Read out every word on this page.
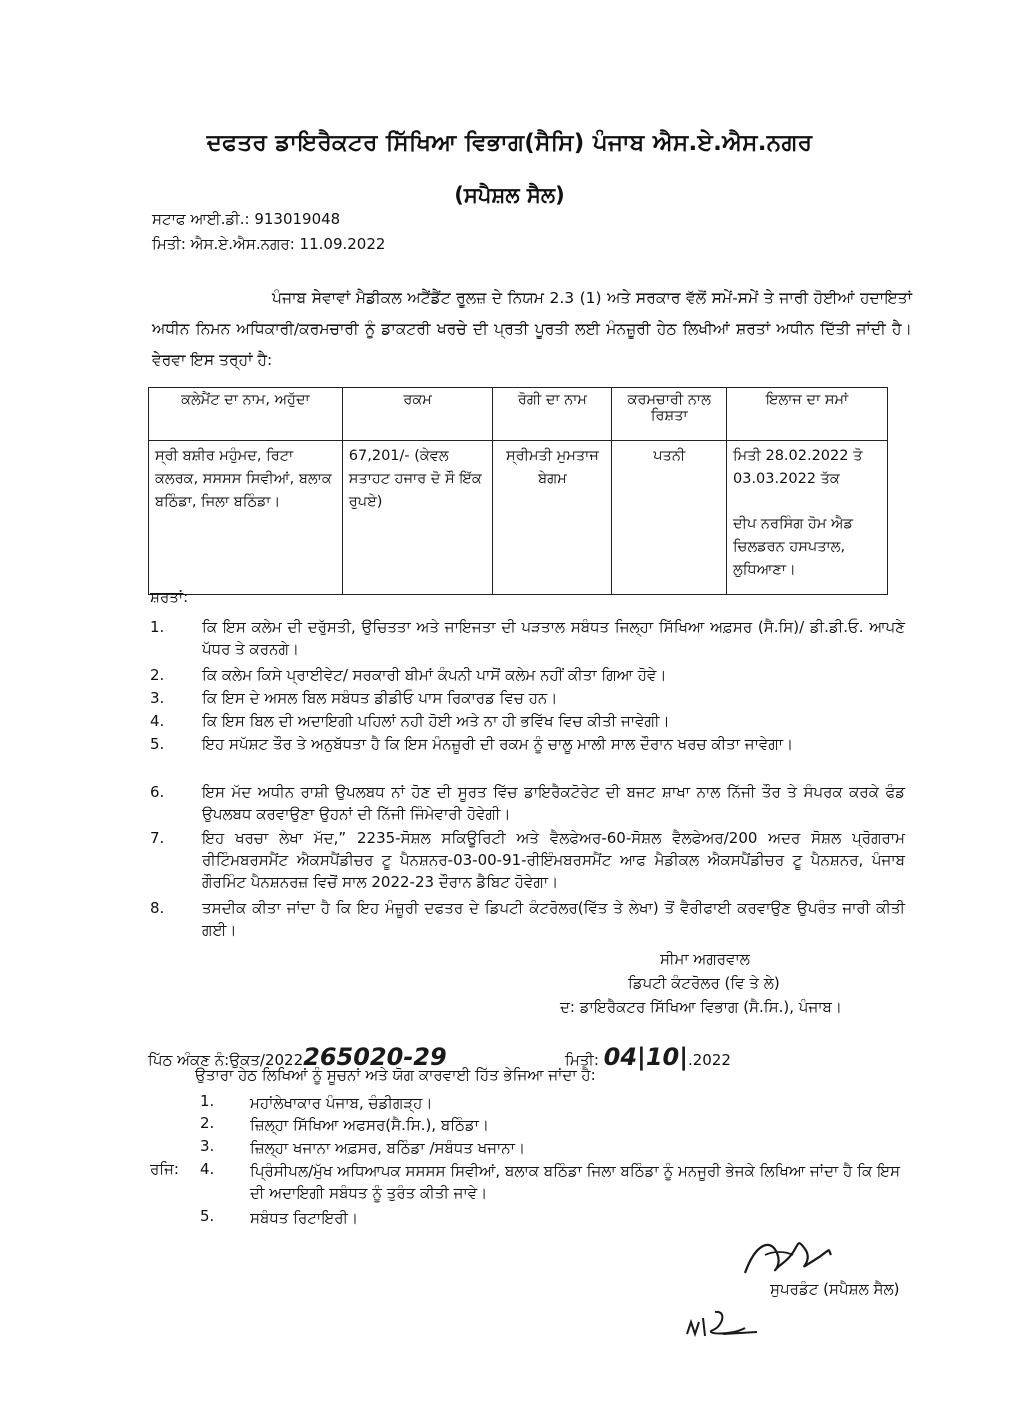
ਦਫਤਰ ਡਾਇਰੈਕਟਰ ਸਿੱਖਿਆ ਵਿਭਾਗ(ਸੈਸਿ) ਪੰਜਾਬ ਐਸ.ਏ.ਐਸ.ਨਗਰ
(ਸਪੈਸ਼ਲ ਸੈਲ)
ਸਟਾਫ ਆਈ.ਡੀ.: 913019048
ਮਿਤੀ: ਐਸ.ਏ.ਐਸ.ਨਗਰ: 11.09.2022
ਪੰਜਾਬ ਸੇਵਾਵਾਂ ਮੈਡੀਕਲ ਅਟੈਂਡੈਂਟ ਰੂਲਜ਼ ਦੇ ਨਿਯਮ 2.3 (1) ਅਤੇ ਸਰਕਾਰ ਵੱਲੋਂ ਸਮੇਂ-ਸਮੇਂ ਤੇ ਜਾਰੀ ਹੋਈਆਂ ਹਦਾਇਤਾਂ ਅਧੀਨ ਨਿਮਨ ਅਧਿਕਾਰੀ/ਕਰਮਚਾਰੀ ਨੂੰ ਡਾਕਟਰੀ ਖਰਚੇ ਦੀ ਪ੍ਰਤੀ ਪੂਰਤੀ ਲਈ ਮੰਨਜ਼ੂਰੀ ਹੇਠ ਲਿਖੀਆਂ ਸ਼ਰਤਾਂ ਅਧੀਨ ਦਿੱਤੀ ਜਾਂਦੀ ਹੈ। ਵੇਰਵਾ ਇਸ ਤਰ੍ਹਾਂ ਹੈ:
ਕਲੇਮੈਂਟ ਦਾ ਨਾਮ, ਅਹੁੱਦਾ	ਰਕਮ	ਰੋਗੀ ਦਾ ਨਾਮ	ਕਰਮਚਾਰੀ ਨਾਲ ਰਿਸ਼ਤਾ	ਇਲਾਜ ਦਾ ਸਮਾਂ
ਸ੍ਰੀ ਬਸ਼ੀਰ ਮਹੁੰਮਦ, ਰਿਟਾ ਕਲਰਕ, ਸਸਸਸ ਸਿਵੀਆਂ, ਬਲਾਕ ਬਠਿੰਡਾ, ਜਿਲਾ ਬਠਿੰਡਾ।	67,201/- (ਕੇਵਲ ਸਤਾਹਟ ਹਜਾਰ ਦੋ ਸੌ ਇੱਕ ਰੁਪਏ)	ਸ੍ਰੀਮਤੀ ਮੁਮਤਾਜ ਬੇਗਮ	ਪਤਨੀ	ਮਿਤੀ 28.02.2022 ਤੋ 03.03.2022 ਤੱਕ
ਦੀਪ ਨਰਸਿੰਗ ਹੋਮ ਐਡ ਚਿਲਡਰਨ ਹਸਪਤਾਲ, ਲੁਧਿਆਣਾ।
ਸ਼ਰਤਾਂ:
1.	ਕਿ ਇਸ ਕਲੇਮ ਦੀ ਦਰੁੱਸਤੀ, ਉਚਿਤਤਾ ਅਤੇ ਜਾਇਜਤਾ ਦੀ ਪੜਤਾਲ ਸਬੰਧਤ ਜਿਲ੍ਹਾ ਸਿੱਖਿਆ ਅਫ਼ਸਰ (ਸੈ.ਸਿ)/ ਡੀ.ਡੀ.ਓ. ਆਪਣੇ ਪੱਧਰ ਤੇ ਕਰਨਗੇ।
2.	ਕਿ ਕਲੇਮ ਕਿਸੇ ਪ੍ਰਾਈਵੇਟ/ ਸਰਕਾਰੀ ਬੀਮਾਂ ਕੰਪਨੀ ਪਾਸੋਂ ਕਲੇਮ ਨਹੀਂ ਕੀਤਾ ਗਿਆ ਹੋਵੇ।
3.	ਕਿ ਇਸ ਦੇ ਅਸਲ ਬਿਲ ਸਬੰਧਤ ਡੀਡੀਓ ਪਾਸ ਰਿਕਾਰਡ ਵਿਚ ਹਨ।
4.	ਕਿ ਇਸ ਬਿਲ ਦੀ ਅਦਾਇਗੀ ਪਹਿਲਾਂ ਨਹੀ ਹੋਈ ਅਤੇ ਨਾ ਹੀ ਭਵਿੱਖ ਵਿਚ ਕੀਤੀ ਜਾਵੇਗੀ।
5.	ਇਹ ਸਪੱਸ਼ਟ ਤੌਰ ਤੇ ਅਨੁਬੱਧਤਾ ਹੈ ਕਿ ਇਸ ਮੰਨਜ਼ੂਰੀ ਦੀ ਰਕਮ ਨੂੰ ਚਾਲੂ ਮਾਲੀ ਸਾਲ ਦੌਰਾਨ ਖਰਚ ਕੀਤਾ ਜਾਵੇਗਾ।
6.	ਇਸ ਮੱਦ ਅਧੀਨ ਰਾਸ਼ੀ ਉਪਲਬਧ ਨਾਂ ਹੋਣ ਦੀ ਸੂਰਤ ਵਿੱਚ ਡਾਇਰੈਕਟੋਰੇਟ ਦੀ ਬਜਟ ਸ਼ਾਖਾ ਨਾਲ ਨਿੱਜੀ ਤੌਰ ਤੇ ਸੰਪਰਕ ਕਰਕੇ ਫੰਡ ਉਪਲਬਧ ਕਰਵਾਉਣਾ ਉਹਨਾਂ ਦੀ ਨਿੱਜੀ ਜਿੰਮੇਵਾਰੀ ਹੋਵੇਗੀ।
7.	ਇਹ ਖਰਚਾ ਲੇਖਾ ਮੱਦ,” 2235-ਸੋਸ਼ਲ ਸਕਿਊਰਿਟੀ ਅਤੇ ਵੈਲਫੇਅਰ-60-ਸੋਸ਼ਲ ਵੈਲਫੇਅਰ/200 ਅਦਰ ਸੋਸ਼ਲ ਪ੍ਰੋਗਰਾਮ ਰੀਟਿੰਮਬਰਸਮੈਂਟ ਐਕਸਪੈਂਡੀਚਰ ਟੂ ਪੈਨਸ਼ਨਰ-03-00-91-ਰੀਇੰਮਬਰਸਮੈਂਟ ਆਫ ਮੈਡੀਕਲ ਐਕਸਪੈਂਡੀਚਰ ਟੂ ਪੈਨਸ਼ਨਰ, ਪੰਜਾਬ ਗੌਰਮਿੰਟ ਪੈਨਸ਼ਨਰਜ਼ ਵਿਚੋਂ ਸਾਲ 2022-23 ਦੌਰਾਨ ਡੈਬਿਟ ਹੋਵੇਗਾ।
8.	ਤਸਦੀਕ ਕੀਤਾ ਜਾਂਦਾ ਹੈ ਕਿ ਇਹ ਮੰਜ਼ੂਰੀ ਦਫਤਰ ਦੇ ਡਿਪਟੀ ਕੰਟਰੋਲਰ(ਵਿੱਤ ਤੇ ਲੇਖਾ) ਤੋਂ ਵੈਰੀਫਾਈ ਕਰਵਾਉਣ ਉਪਰੰਤ ਜਾਰੀ ਕੀਤੀ ਗਈ।
ਸੀਮਾ ਅਗਰਵਾਲ
ਡਿਪਟੀ ਕੰਟਰੋਲਰ (ਵਿ ਤੇ ਲੇ)
ਦ: ਡਾਇਰੈਕਟਰ ਸਿੱਖਿਆ ਵਿਭਾਗ (ਸੈ.ਸਿ.), ਪੰਜਾਬ।
ਪਿੱਠ ਅੰਕਣ ਨੰ:ਉਕਤ/2022265020-29	ਮਿਤੀ: 04|10|.2022
ਉਤਾਰਾ ਹੇਠ ਲਿਖਿਆਂ ਨੂੰ ਸੂਚਨਾਂ ਅਤੇ ਯੋਗ ਕਾਰਵਾਈ ਹਿੱਤ ਭੇਜਿਆ ਜਾਂਦਾ ਹੈ:
1.	ਮਹਾਂਲੇਖਾਕਾਰ ਪੰਜਾਬ, ਚੰਡੀਗੜ੍ਹ।
2.	ਜ਼ਿਲ੍ਹਾ ਸਿੱਖਿਆ ਅਫਸਰ(ਸੈ.ਸਿ.), ਬਠਿੰਡਾ।
3.	ਜ਼ਿਲ੍ਹਾ ਖਜਾਨਾ ਅਫ਼ਸਰ, ਬਠਿੰਡਾ /ਸਬੰਧਤ ਖਜਾਨਾ।
ਰਜਿ:	4.	ਪ੍ਰਿੰਸੀਪਲ/ਮੁੱਖ ਅਧਿਆਪਕ ਸਸਸਸ ਸਿਵੀਆਂ, ਬਲਾਕ ਬਠਿੰਡਾ ਜਿਲਾ ਬਠਿੰਡਾ ਨੂੰ ਮਨਜੂਰੀ ਭੇਜਕੇ ਲਿਖਿਆ ਜਾਂਦਾ ਹੈ ਕਿ ਇਸ ਦੀ ਅਦਾਇਗੀ ਸਬੰਧਤ ਨੂੰ ਤੁਰੰਤ ਕੀਤੀ ਜਾਵੇ।
5.	ਸਬੰਧਤ ਰਿਟਾਇਰੀ।
ਸੁਪਰਡੰਟ (ਸਪੈਸ਼ਲ ਸੈਲ)
